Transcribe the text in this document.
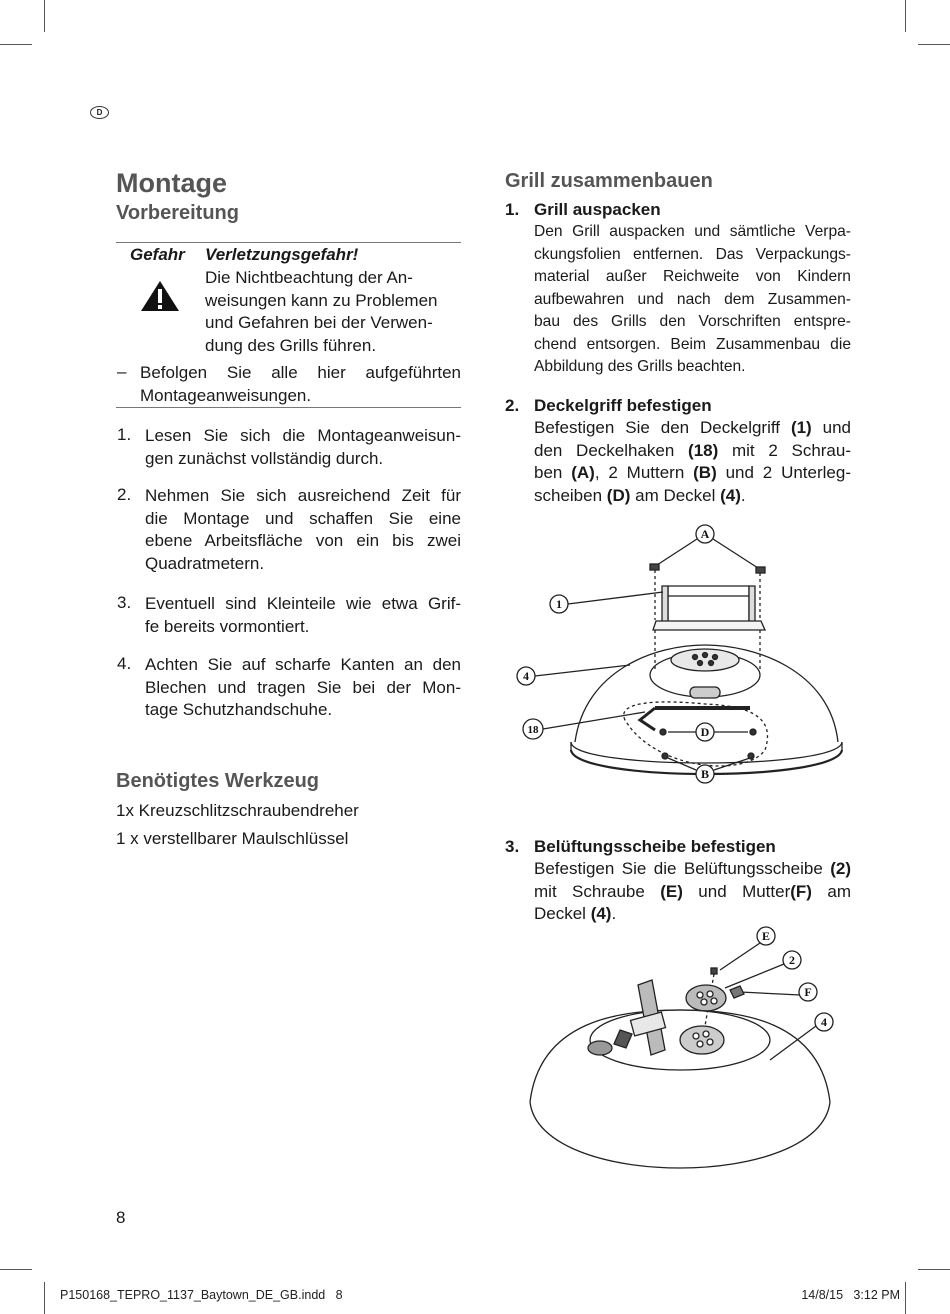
D
Montage
Vorbereitung
Gefahr Verletzungsgefahr!
Die Nichtbeachtung der An-
weisungen kann zu Problemen
und Gefahren bei der Verwen-
dung des Grills führen.
– Befolgen Sie alle hier aufgeführten
Montageanweisungen.
1. Lesen Sie sich die Montageanweisun-
gen zunächst vollständig durch.
2. Nehmen Sie sich ausreichend Zeit für
die Montage und schaffen Sie eine
ebene Arbeitsfläche von ein bis zwei
Quadratmetern.
3. Eventuell sind Kleinteile wie etwa Grif-
fe bereits vormontiert.
4. Achten Sie auf scharfe Kanten an den
Blechen und tragen Sie bei der Mon-
tage Schutzhandschuhe.
Benötigtes Werkzeug
1x Kreuzschlitzschraubendreher
1 x verstellbarer Maulschlüssel
Grill zusammenbauen
1. Grill auspacken
Den Grill auspacken und sämtliche Verpa-
ckungsfolien entfernen. Das Verpackungs-
material außer Reichweite von Kindern
aufbewahren und nach dem Zusammen-
bau des Grills den Vorschriften entspre-
chend entsorgen. Beim Zusammenbau die
Abbildung des Grills beachten.
2. Deckelgriff befestigen
Befestigen Sie den Deckelgriff (1) und
den Deckelhaken (18) mit 2 Schrau-
ben (A), 2 Muttern (B) und 2 Unterleg-
scheiben (D) am Deckel (4).
A
1
4
18	D
B
3. Belüftungsscheibe befestigen
Befestigen Sie die Belüftungsscheibe (2)
mit Schraube (E) und Mutter(F) am
Deckel (4).
E
2
F
4
8
P150168_TEPRO_1137_Baytown_DE_GB.indd   8	14/8/15   3:12 PM
